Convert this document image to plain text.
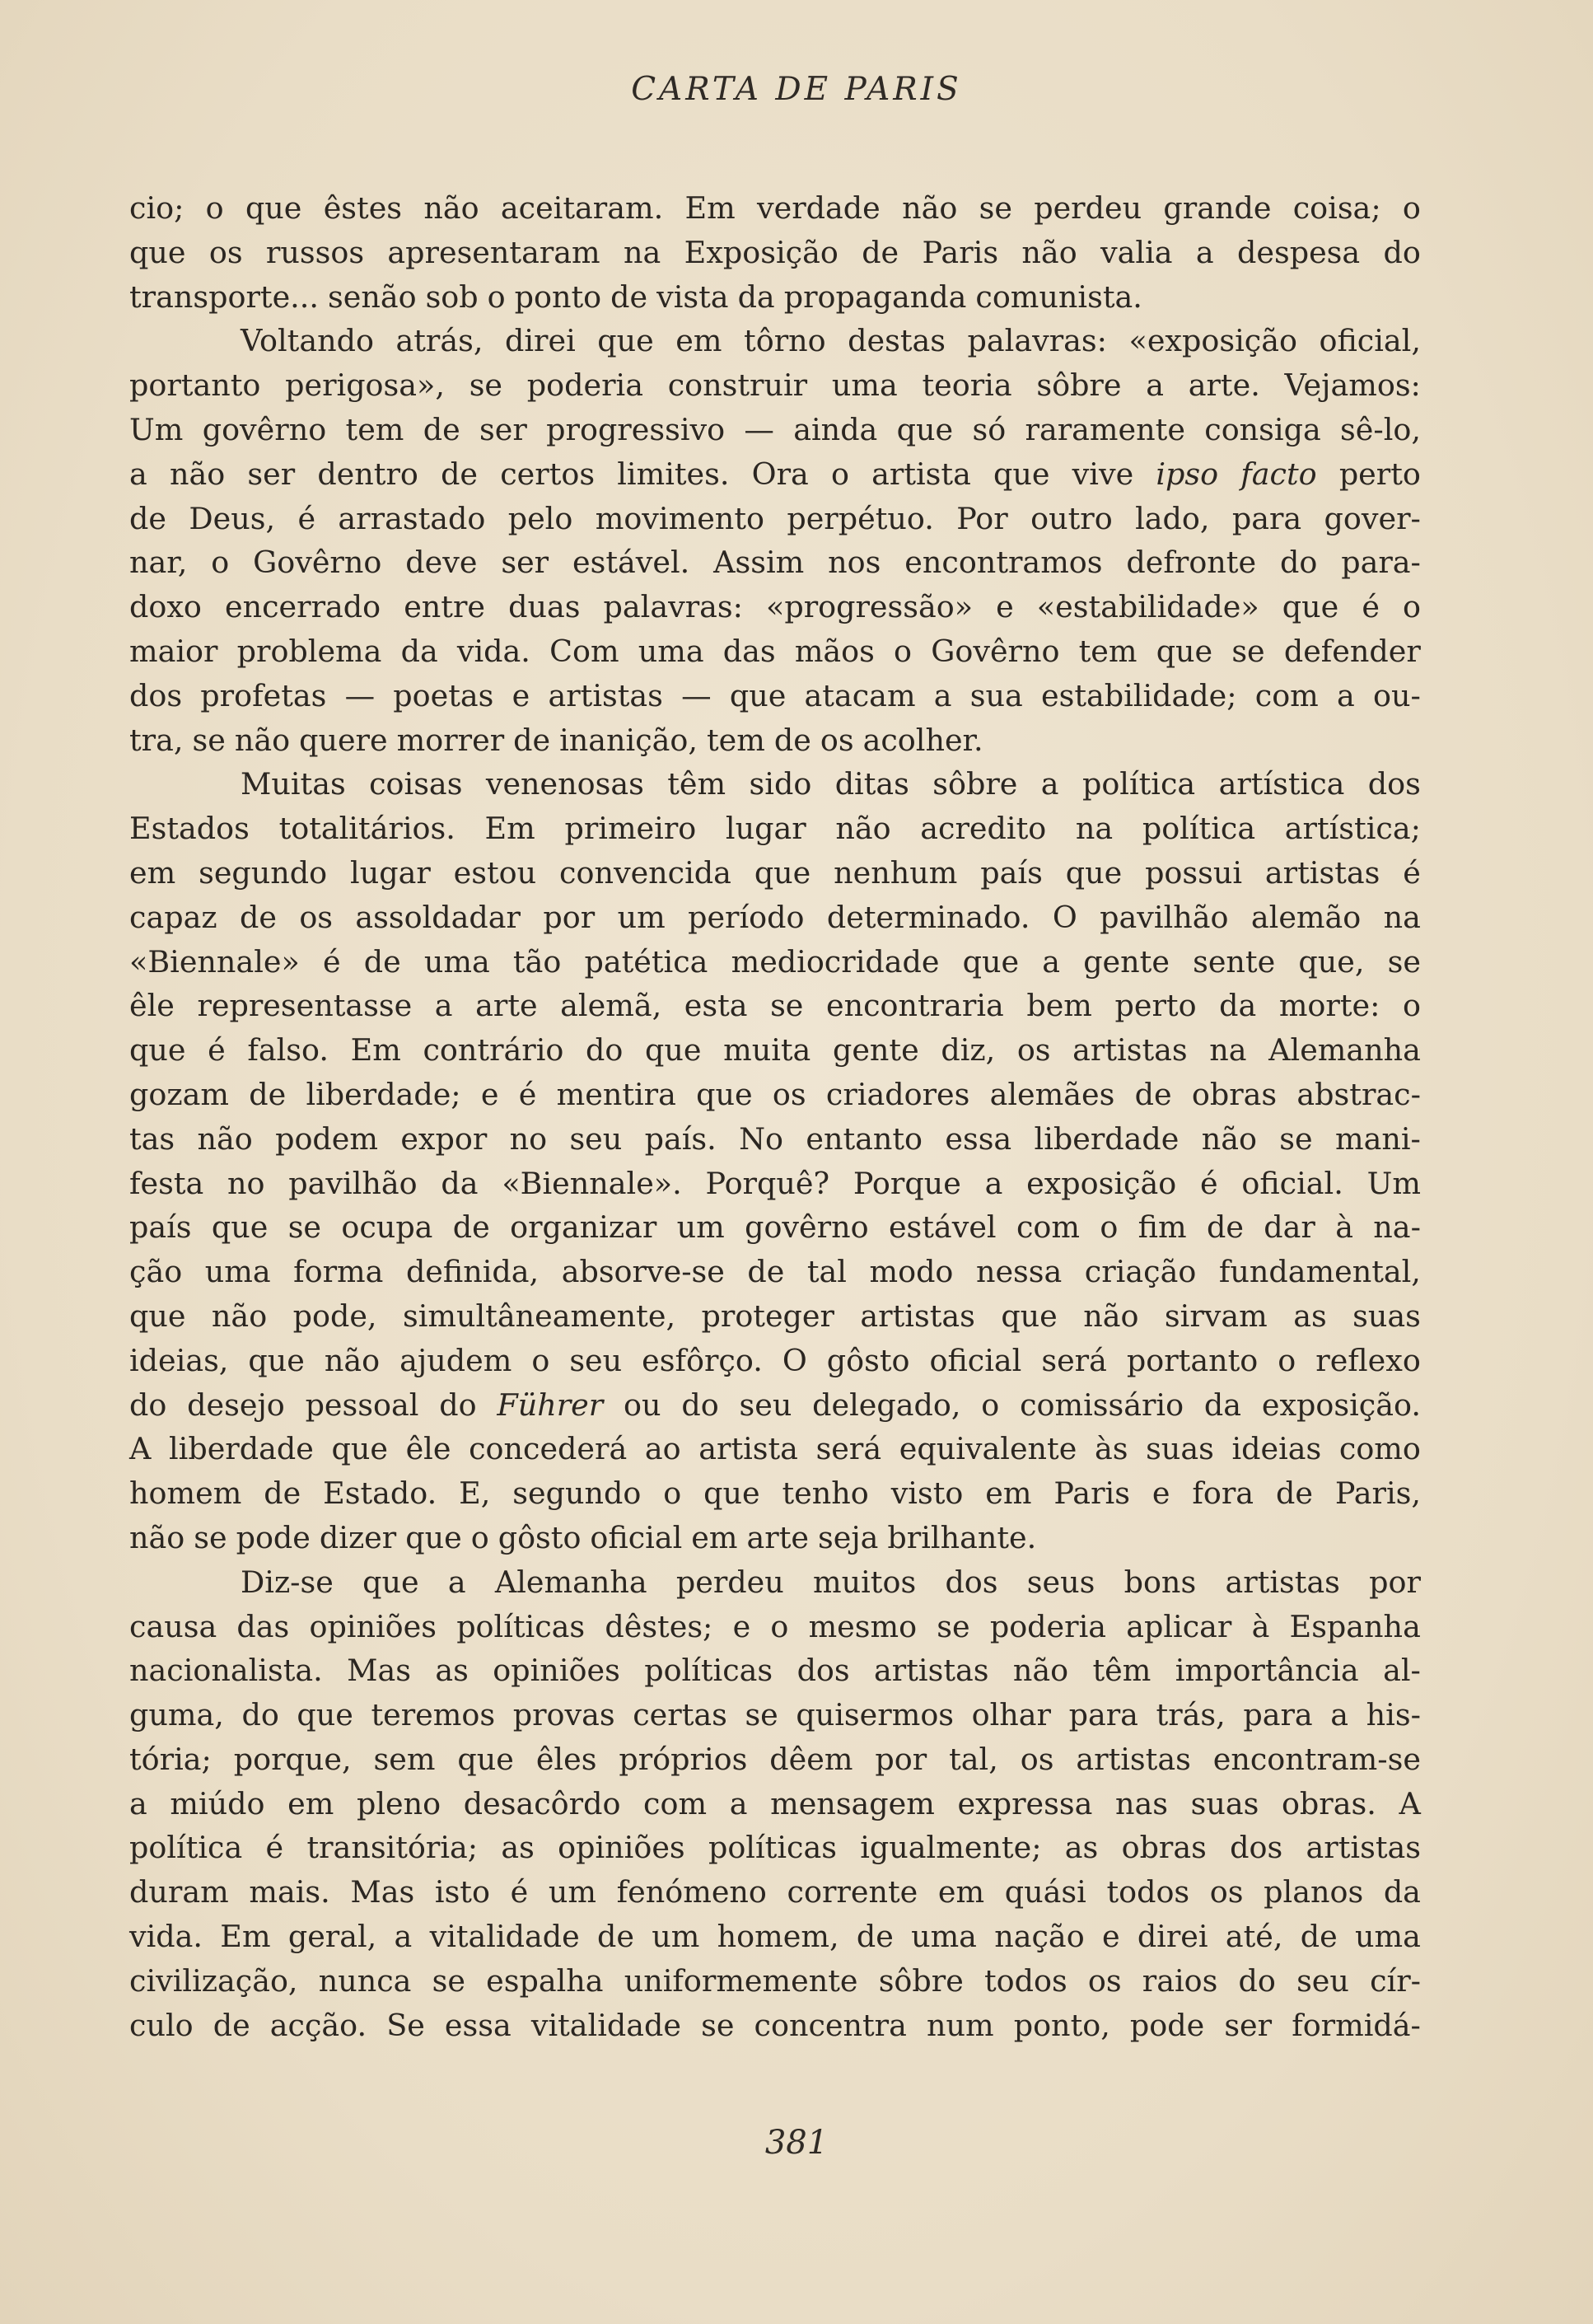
CARTA DE PARIS
cio; o que êstes não aceitaram. Em verdade não se perdeu grande coisa; o
que os russos apresentaram na Exposição de Paris não valia a despesa do
transporte... senão sob o ponto de vista da propaganda comunista.
Voltando atrás, direi que em tôrno destas palavras: «exposição oficial,
portanto perigosa», se poderia construir uma teoria sôbre a arte. Vejamos:
Um govêrno tem de ser progressivo — ainda que só raramente consiga sê-lo,
a não ser dentro de certos limites. Ora o artista que vive ipso facto perto
de Deus, é arrastado pelo movimento perpétuo. Por outro lado, para gover-
nar, o Govêrno deve ser estável. Assim nos encontramos defronte do para-
doxo encerrado entre duas palavras: «progressão» e «estabilidade» que é o
maior problema da vida. Com uma das mãos o Govêrno tem que se defender
dos profetas — poetas e artistas — que atacam a sua estabilidade; com a ou-
tra, se não quere morrer de inanição, tem de os acolher.
Muitas coisas venenosas têm sido ditas sôbre a política artística dos
Estados totalitários. Em primeiro lugar não acredito na política artística;
em segundo lugar estou convencida que nenhum país que possui artistas é
capaz de os assoldadar por um período determinado. O pavilhão alemão na
«Biennale» é de uma tão patética mediocridade que a gente sente que, se
êle representasse a arte alemã, esta se encontraria bem perto da morte: o
que é falso. Em contrário do que muita gente diz, os artistas na Alemanha
gozam de liberdade; e é mentira que os criadores alemães de obras abstrac-
tas não podem expor no seu país. No entanto essa liberdade não se mani-
festa no pavilhão da «Biennale». Porquê? Porque a exposição é oficial. Um
país que se ocupa de organizar um govêrno estável com o fim de dar à na-
ção uma forma definida, absorve-se de tal modo nessa criação fundamental,
que não pode, simultâneamente, proteger artistas que não sirvam as suas
ideias, que não ajudem o seu esfôrço. O gôsto oficial será portanto o reflexo
do desejo pessoal do Führer ou do seu delegado, o comissário da exposição.
A liberdade que êle concederá ao artista será equivalente às suas ideias como
homem de Estado. E, segundo o que tenho visto em Paris e fora de Paris,
não se pode dizer que o gôsto oficial em arte seja brilhante.
Diz-se que a Alemanha perdeu muitos dos seus bons artistas por
causa das opiniões políticas dêstes; e o mesmo se poderia aplicar à Espanha
nacionalista. Mas as opiniões políticas dos artistas não têm importância al-
guma, do que teremos provas certas se quisermos olhar para trás, para a his-
tória; porque, sem que êles próprios dêem por tal, os artistas encontram-se
a miúdo em pleno desacôrdo com a mensagem expressa nas suas obras. A
política é transitória; as opiniões políticas igualmente; as obras dos artistas
duram mais. Mas isto é um fenómeno corrente em quási todos os planos da
vida. Em geral, a vitalidade de um homem, de uma nação e direi até, de uma
civilização, nunca se espalha uniformemente sôbre todos os raios do seu cír-
culo de acção. Se essa vitalidade se concentra num ponto, pode ser formidá-
381
